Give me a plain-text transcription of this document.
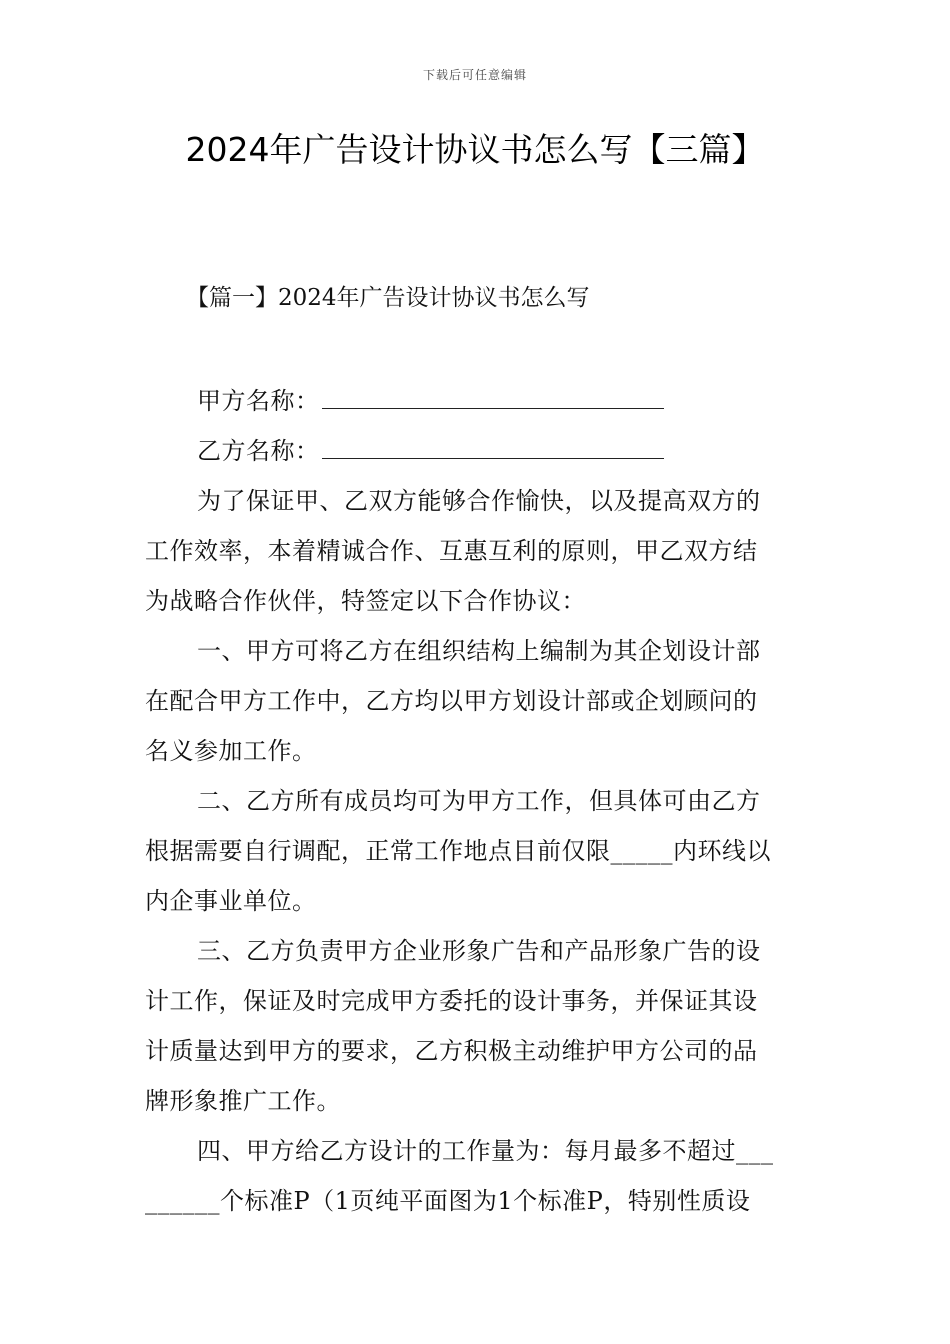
下载后可任意编辑
2024年广告设计协议书怎么写【三篇】
【篇一】2024年广告设计协议书怎么写
甲方名称：
乙方名称：
为了保证甲、乙双方能够合作愉快，以及提高双方的
工作效率，本着精诚合作、互惠互利的原则，甲乙双方结
为战略合作伙伴，特签定以下合作协议：
一、甲方可将乙方在组织结构上编制为其企划设计部
在配合甲方工作中，乙方均以甲方划设计部或企划顾问的
名义参加工作。
二、乙方所有成员均可为甲方工作，但具体可由乙方
根据需要自行调配，正常工作地点目前仅限_____内环线以
内企事业单位。
三、乙方负责甲方企业形象广告和产品形象广告的设
计工作，保证及时完成甲方委托的设计事务，并保证其设
计质量达到甲方的要求，乙方积极主动维护甲方公司的品
牌形象推广工作。
四、甲方给乙方设计的工作量为：每月最多不超过___
______个标准P（1页纯平面图为1个标准P，特别性质设
